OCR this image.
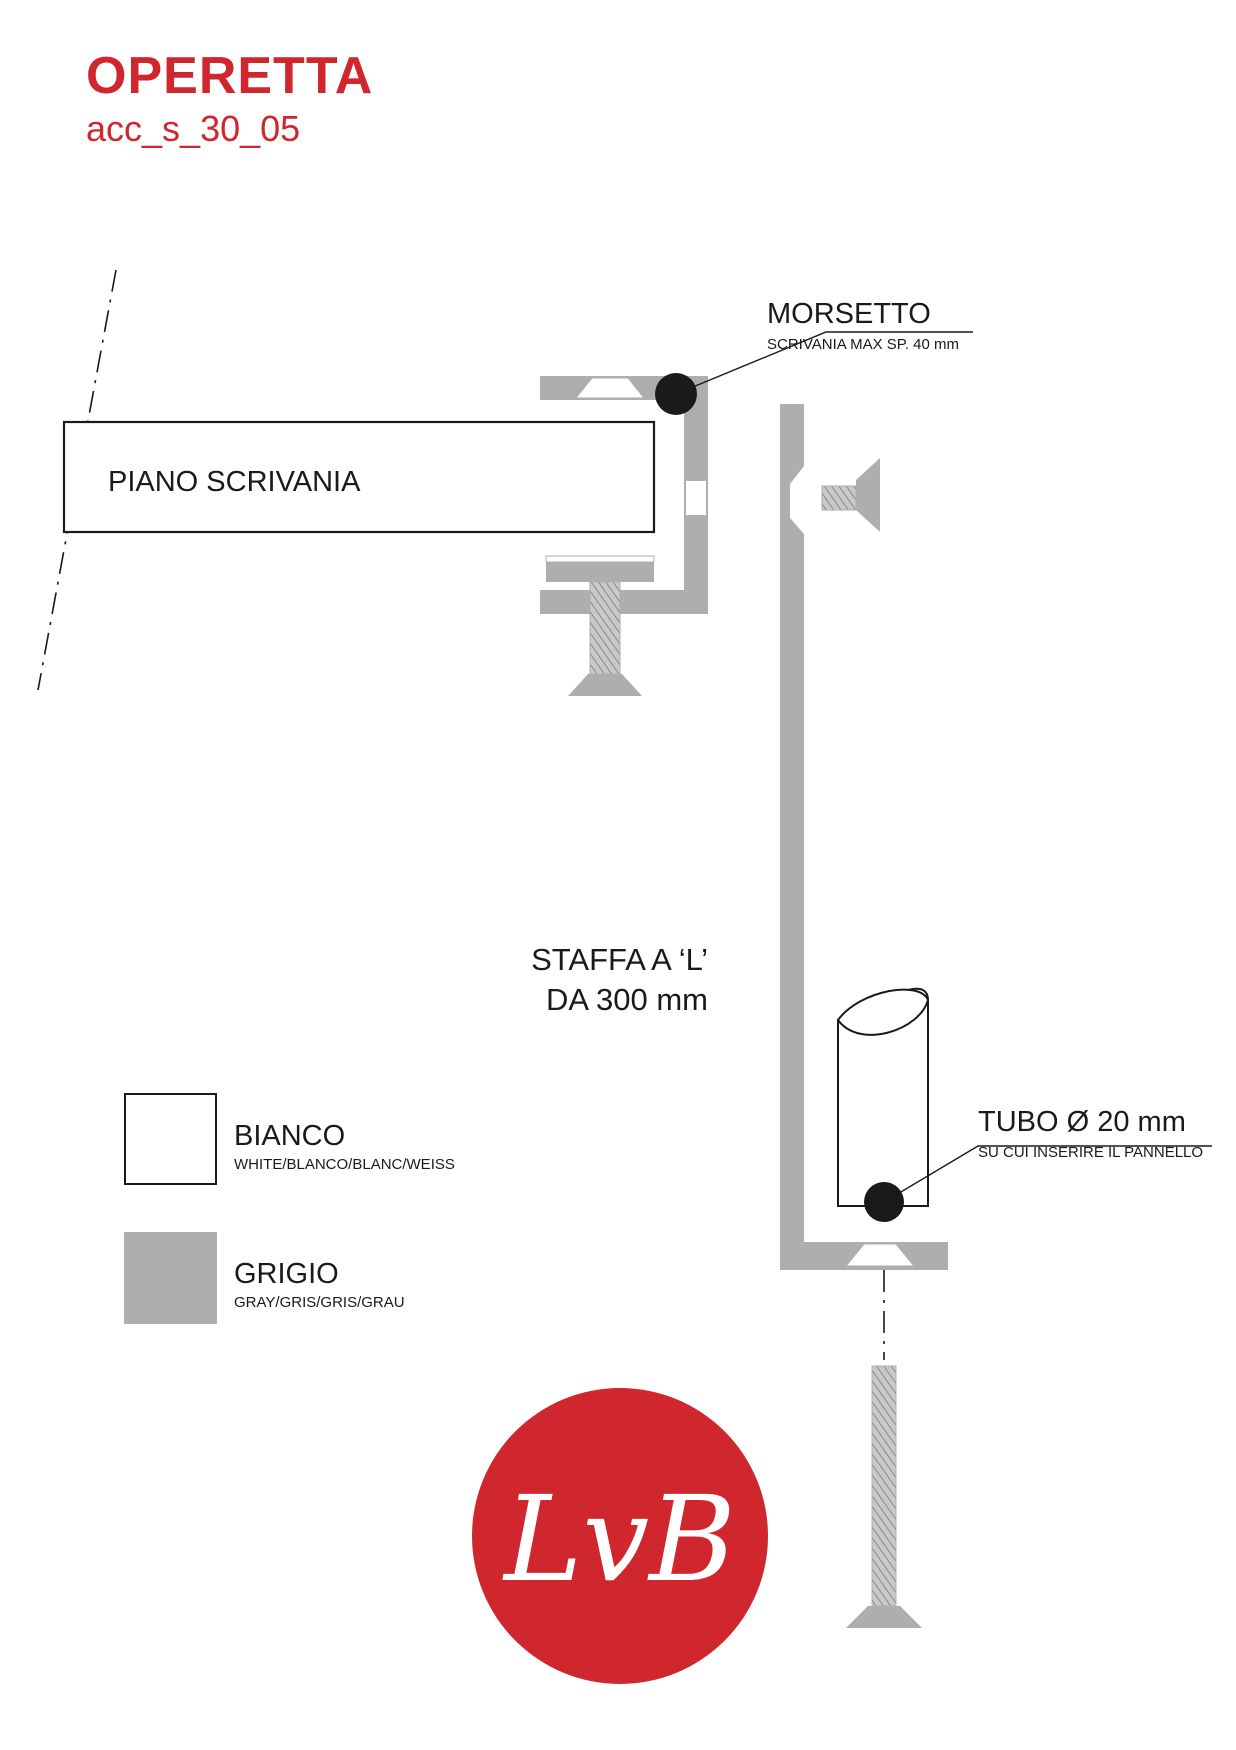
OPERETTA
acc_s_30_05
LvB
PIANO SCRIVANIA
MORSETTO
SCRIVANIA MAX SP. 40 mm
STAFFA A ‘L’
DA 300 mm
TUBO Ø 20 mm
SU CUI INSERIRE IL PANNELLO
BIANCO
WHITE/BLANCO/BLANC/WEISS
GRIGIO
GRAY/GRIS/GRIS/GRAU
